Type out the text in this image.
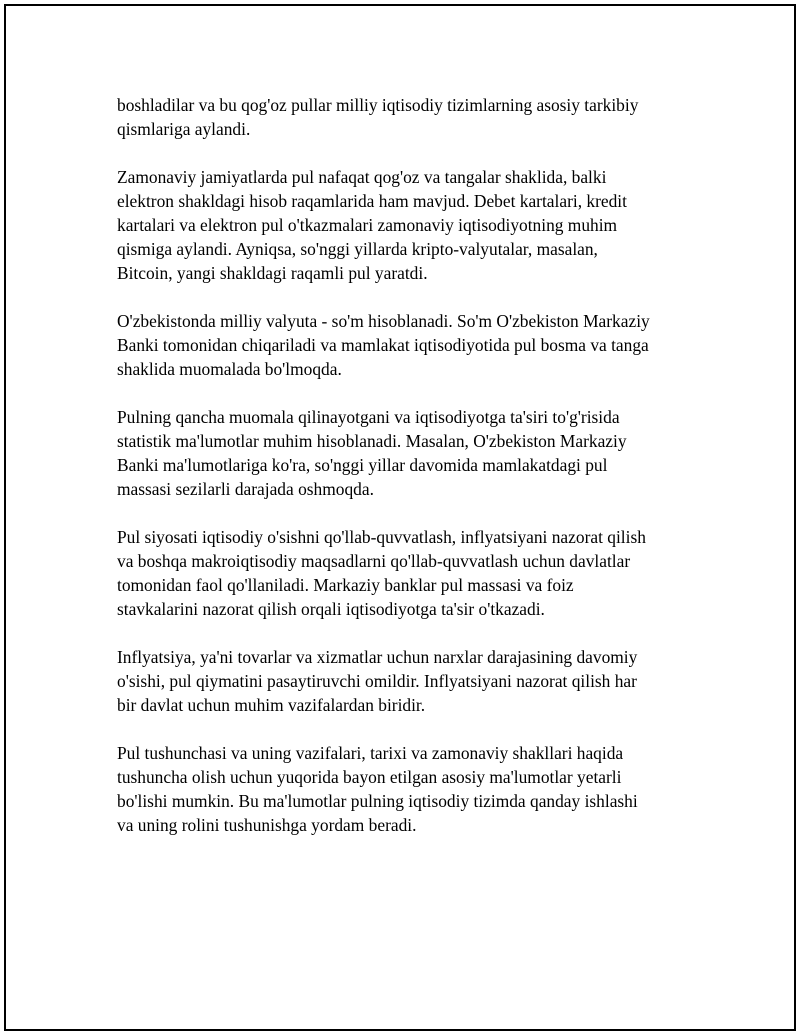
boshladilar va bu qog'oz pullar milliy iqtisodiy tizimlarning asosiy tarkibiy
qismlariga aylandi.

Zamonaviy jamiyatlarda pul nafaqat qog'oz va tangalar shaklida, balki
elektron shakldagi hisob raqamlarida ham mavjud. Debet kartalari, kredit
kartalari va elektron pul o'tkazmalari zamonaviy iqtisodiyotning muhim
qismiga aylandi. Ayniqsa, so'nggi yillarda kripto-valyutalar, masalan,
Bitcoin, yangi shakldagi raqamli pul yaratdi.

O'zbekistonda milliy valyuta - so'm hisoblanadi. So'm O'zbekiston Markaziy
Banki tomonidan chiqariladi va mamlakat iqtisodiyotida pul bosma va tanga
shaklida muomalada bo'lmoqda.

Pulning qancha muomala qilinayotgani va iqtisodiyotga ta'siri to'g'risida
statistik ma'lumotlar muhim hisoblanadi. Masalan, O'zbekiston Markaziy
Banki ma'lumotlariga ko'ra, so'nggi yillar davomida mamlakatdagi pul
massasi sezilarli darajada oshmoqda.

Pul siyosati iqtisodiy o'sishni qo'llab-quvvatlash, inflyatsiyani nazorat qilish
va boshqa makroiqtisodiy maqsadlarni qo'llab-quvvatlash uchun davlatlar
tomonidan faol qo'llaniladi. Markaziy banklar pul massasi va foiz
stavkalarini nazorat qilish orqali iqtisodiyotga ta'sir o'tkazadi.

Inflyatsiya, ya'ni tovarlar va xizmatlar uchun narxlar darajasining davomiy
o'sishi, pul qiymatini pasaytiruvchi omildir. Inflyatsiyani nazorat qilish har
bir davlat uchun muhim vazifalardan biridir.

Pul tushunchasi va uning vazifalari, tarixi va zamonaviy shakllari haqida
tushuncha olish uchun yuqorida bayon etilgan asosiy ma'lumotlar yetarli
bo'lishi mumkin. Bu ma'lumotlar pulning iqtisodiy tizimda qanday ishlashi
va uning rolini tushunishga yordam beradi.
